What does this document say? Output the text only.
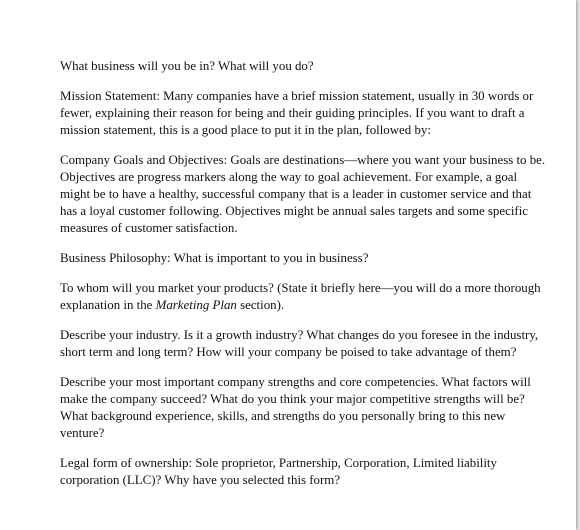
What business will you be in? What will you do?

Mission Statement: Many companies have a brief mission statement, usually in 30 words or fewer, explaining their reason for being and their guiding principles. If you want to draft a mission statement, this is a good place to put it in the plan, followed by:

Company Goals and Objectives: Goals are destinations—where you want your business to be. Objectives are progress markers along the way to goal achievement. For example, a goal might be to have a healthy, successful company that is a leader in customer service and that has a loyal customer following. Objectives might be annual sales targets and some specific measures of customer satisfaction.

Business Philosophy: What is important to you in business?

To whom will you market your products? (State it briefly here—you will do a more thorough explanation in the Marketing Plan section).

Describe your industry. Is it a growth industry? What changes do you foresee in the industry, short term and long term? How will your company be poised to take advantage of them?

Describe your most important company strengths and core competencies. What factors will make the company succeed? What do you think your major competitive strengths will be? What background experience, skills, and strengths do you personally bring to this new venture?

Legal form of ownership: Sole proprietor, Partnership, Corporation, Limited liability corporation (LLC)? Why have you selected this form?
